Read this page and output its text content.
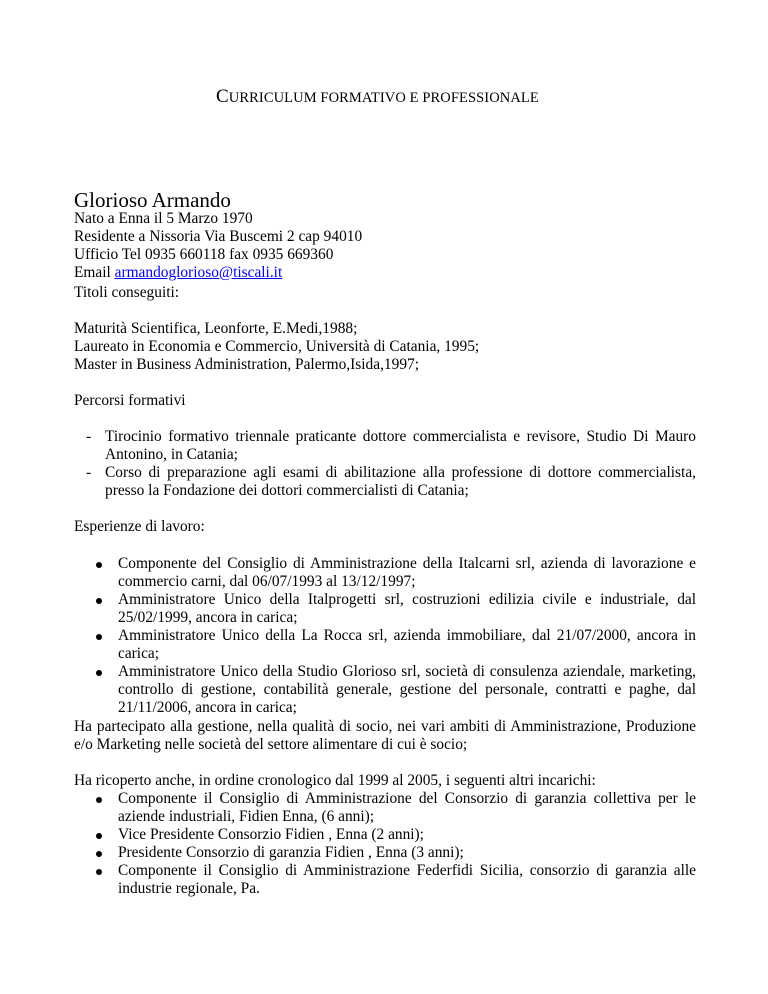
CURRICULUM FORMATIVO E PROFESSIONALE
Glorioso Armando
Nato a Enna il 5 Marzo 1970
Residente a Nissoria Via Buscemi 2 cap 94010
Ufficio Tel 0935 660118 fax 0935 669360
Email armandoglorioso@tiscali.it
Titoli conseguiti:
Maturità Scientifica, Leonforte, E.Medi,1988;
Laureato in Economia e Commercio, Università di Catania, 1995;
Master in Business Administration, Palermo,Isida,1997;
Percorsi formativi
- Tirocinio formativo triennale praticante dottore commercialista e revisore, Studio Di Mauro Antonino, in Catania;
- Corso di preparazione agli esami di abilitazione alla professione di dottore commercialista, presso la Fondazione dei dottori commercialisti di Catania;
Esperienze di lavoro:
Componente del Consiglio di Amministrazione della Italcarni srl, azienda di lavorazione e commercio carni, dal 06/07/1993 al 13/12/1997;
Amministratore Unico della Italprogetti srl, costruzioni edilizia civile e industriale, dal 25/02/1999, ancora in carica;
Amministratore Unico della La Rocca srl, azienda immobiliare, dal 21/07/2000, ancora in carica;
Amministratore Unico della Studio Glorioso srl, società di consulenza aziendale, marketing, controllo di gestione, contabilità generale, gestione del personale, contratti e paghe, dal 21/11/2006, ancora in carica;
Ha partecipato alla gestione, nella qualità di socio, nei vari ambiti di Amministrazione, Produzione e/o Marketing nelle società del settore alimentare di cui è socio;
Ha ricoperto anche, in ordine cronologico dal 1999 al 2005, i seguenti altri incarichi:
Componente il Consiglio di Amministrazione del Consorzio di garanzia collettiva per le aziende industriali, Fidien Enna, (6 anni);
Vice Presidente Consorzio Fidien , Enna (2 anni);
Presidente Consorzio di garanzia Fidien , Enna (3 anni);
Componente il Consiglio di Amministrazione Federfidi Sicilia, consorzio di garanzia alle industrie regionale, Pa.
